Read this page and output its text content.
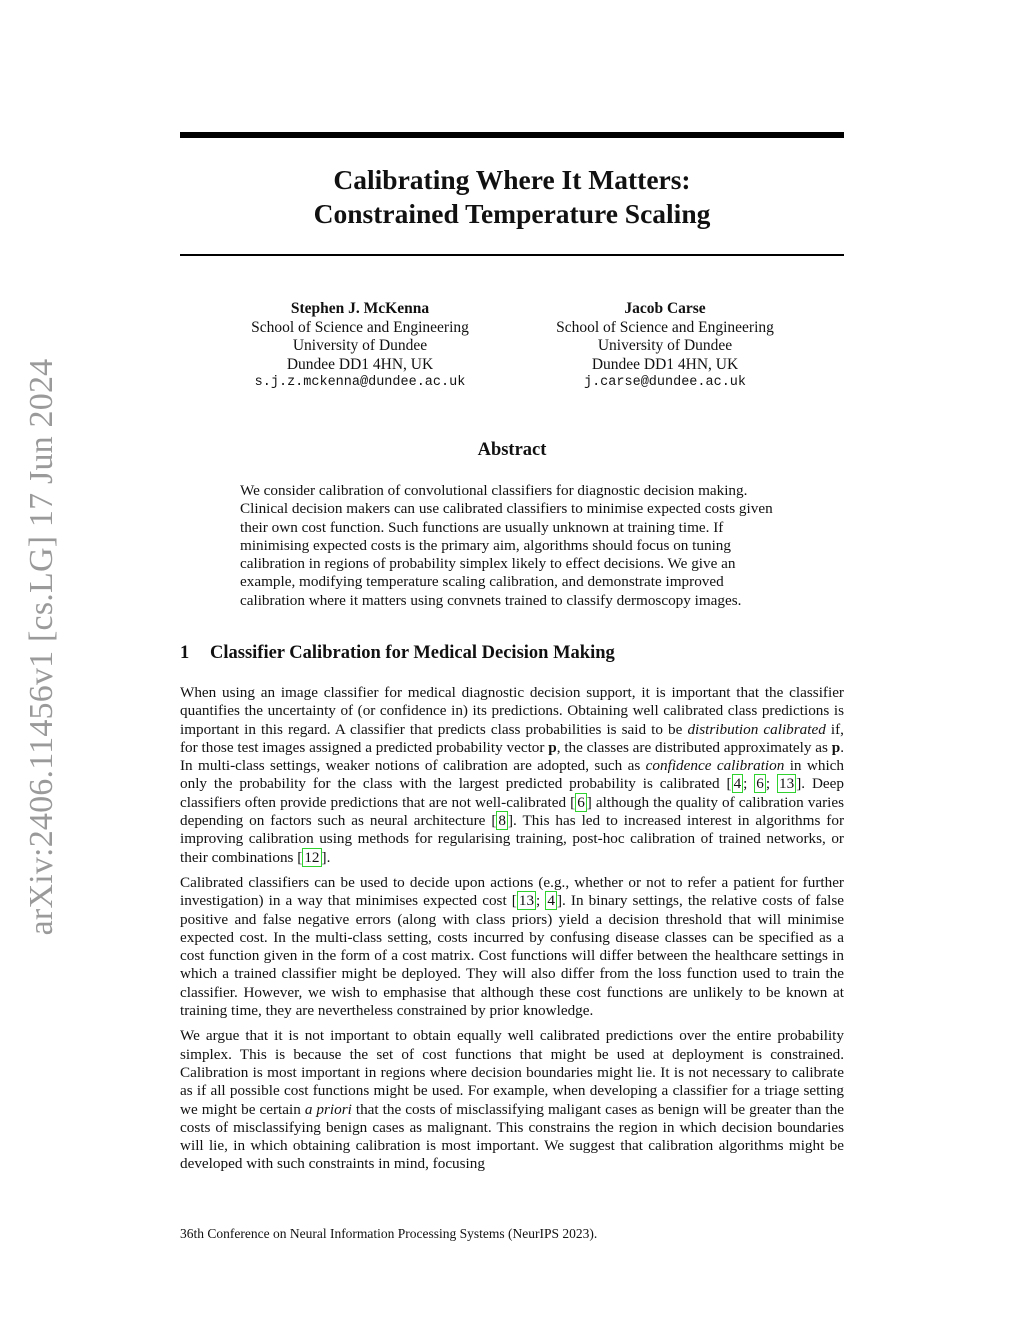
arXiv:2406.11456v1 [cs.LG] 17 Jun 2024
Calibrating Where It Matters:
Constrained Temperature Scaling
Stephen J. McKenna
School of Science and Engineering
University of Dundee
Dundee DD1 4HN, UK
s.j.z.mckenna@dundee.ac.uk
Jacob Carse
School of Science and Engineering
University of Dundee
Dundee DD1 4HN, UK
j.carse@dundee.ac.uk
Abstract
We consider calibration of convolutional classifiers for diagnostic decision making. Clinical decision makers can use calibrated classifiers to minimise expected costs given their own cost function. Such functions are usually unknown at training time. If minimising expected costs is the primary aim, algorithms should focus on tuning calibration in regions of probability simplex likely to effect decisions. We give an example, modifying temperature scaling calibration, and demonstrate improved calibration where it matters using convnets trained to classify dermoscopy images.
1 Classifier Calibration for Medical Decision Making

When using an image classifier for medical diagnostic decision support, it is important that the classifier quantifies the uncertainty of (or confidence in) its predictions. Obtaining well calibrated class predictions is important in this regard. A classifier that predicts class probabilities is said to be distribution calibrated if, for those test images assigned a predicted probability vector p, the classes are distributed approximately as p. In multi-class settings, weaker notions of calibration are adopted, such as confidence calibration in which only the probability for the class with the largest predicted probability is calibrated [ 4 ; 6 ; 13 ]. Deep classifiers often provide predictions that are not well-calibrated [ 6 ] although the quality of calibration varies depending on factors such as neural architecture [ 8 ]. This has led to increased interest in algorithms for improving calibration using methods for regularising training, post-hoc calibration of trained networks, or their combinations [ 12 ].

Calibrated classifiers can be used to decide upon actions (e.g., whether or not to refer a patient for further investigation) in a way that minimises expected cost [ 13 ; 4 ]. In binary settings, the relative costs of false positive and false negative errors (along with class priors) yield a decision threshold that will minimise expected cost. In the multi-class setting, costs incurred by confusing disease classes can be specified as a cost function given in the form of a cost matrix. Cost functions will differ between the healthcare settings in which a trained classifier might be deployed. They will also differ from the loss function used to train the classifier. However, we wish to emphasise that although these cost functions are unlikely to be known at training time, they are nevertheless constrained by prior knowledge.

We argue that it is not important to obtain equally well calibrated predictions over the entire probability simplex. This is because the set of cost functions that might be used at deployment is constrained. Calibration is most important in regions where decision boundaries might lie. It is not necessary to calibrate as if all possible cost functions might be used. For example, when developing a classifier for a triage setting we might be certain a priori that the costs of misclassifying maligant cases as benign will be greater than the costs of misclassifying benign cases as malignant. This constrains the region in which decision boundaries will lie, in which obtaining calibration is most important. We suggest that calibration algorithms might be developed with such constraints in mind, focusing

36th Conference on Neural Information Processing Systems (NeurIPS 2023).
